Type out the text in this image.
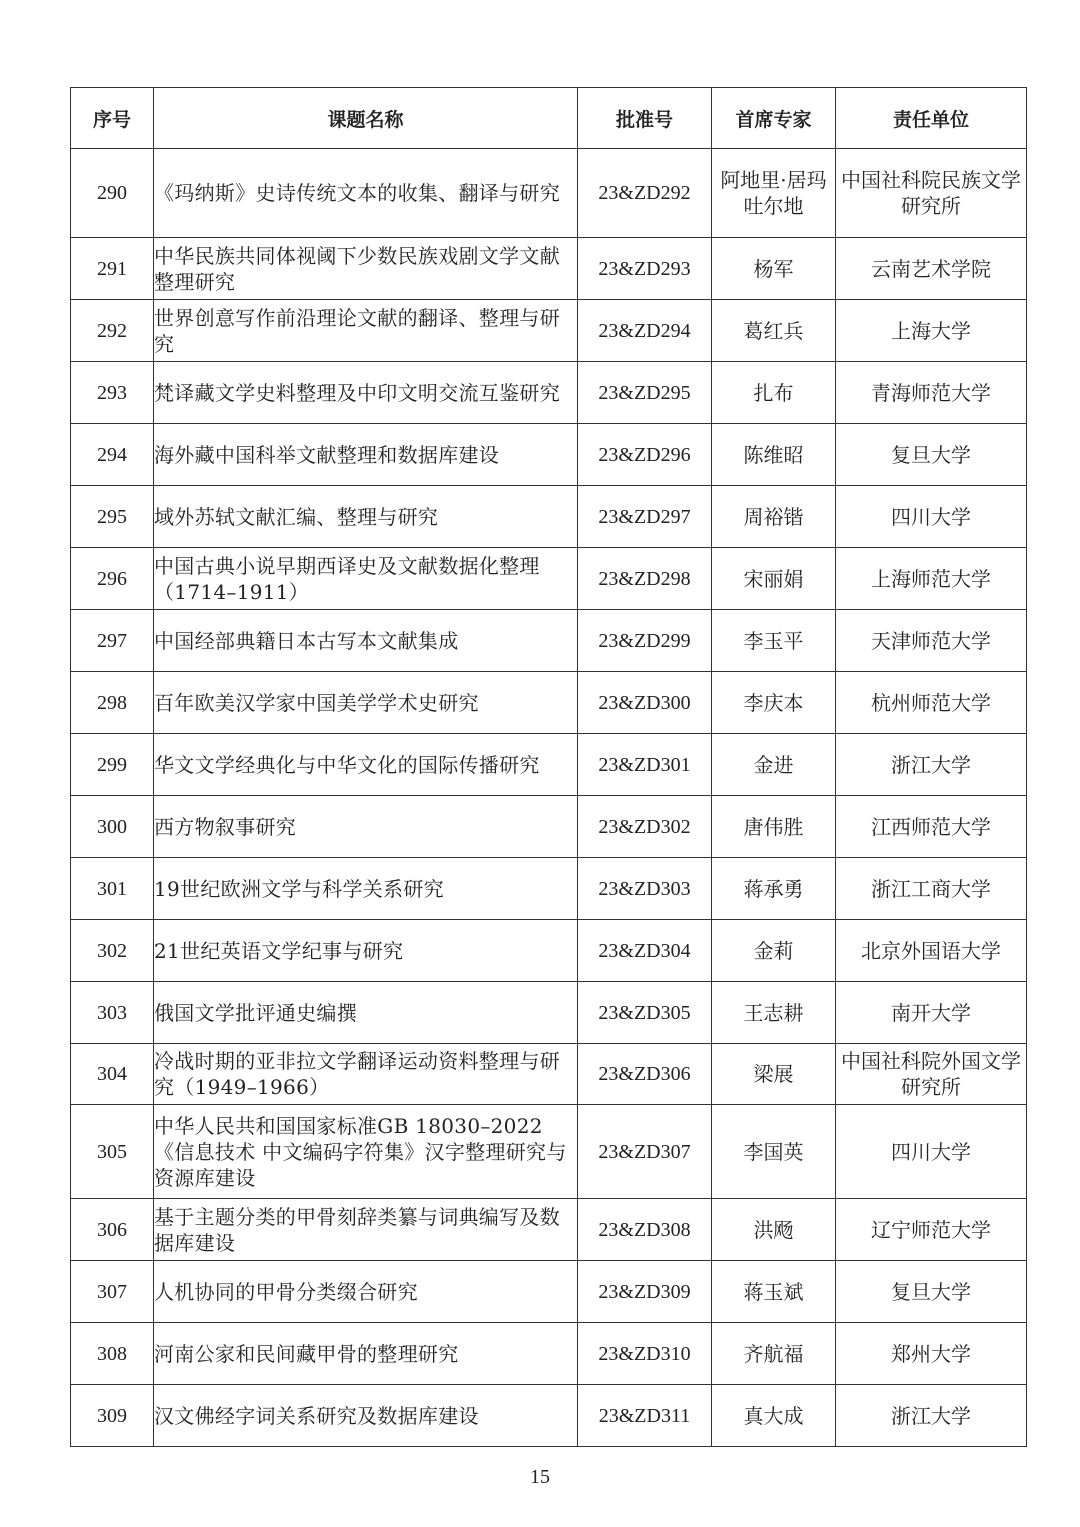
序号	课题名称	批准号	首席专家	责任单位
290	《玛纳斯》史诗传统文本的收集、翻译与研究	23&ZD292	阿地里·居玛吐尔地	中国社科院民族文学研究所
291	中华民族共同体视阈下少数民族戏剧文学文献整理研究	23&ZD293	杨军	云南艺术学院
292	世界创意写作前沿理论文献的翻译、整理与研究	23&ZD294	葛红兵	上海大学
293	梵译藏文学史料整理及中印文明交流互鉴研究	23&ZD295	扎布	青海师范大学
294	海外藏中国科举文献整理和数据库建设	23&ZD296	陈维昭	复旦大学
295	域外苏轼文献汇编、整理与研究	23&ZD297	周裕锴	四川大学
296	中国古典小说早期西译史及文献数据化整理（1714–1911）	23&ZD298	宋丽娟	上海师范大学
297	中国经部典籍日本古写本文献集成	23&ZD299	李玉平	天津师范大学
298	百年欧美汉学家中国美学学术史研究	23&ZD300	李庆本	杭州师范大学
299	华文文学经典化与中华文化的国际传播研究	23&ZD301	金进	浙江大学
300	西方物叙事研究	23&ZD302	唐伟胜	江西师范大学
301	19世纪欧洲文学与科学关系研究	23&ZD303	蒋承勇	浙江工商大学
302	21世纪英语文学纪事与研究	23&ZD304	金莉	北京外国语大学
303	俄国文学批评通史编撰	23&ZD305	王志耕	南开大学
304	冷战时期的亚非拉文学翻译运动资料整理与研究（1949–1966）	23&ZD306	梁展	中国社科院外国文学研究所
305	中华人民共和国国家标准GB 18030–2022《信息技术 中文编码字符集》汉字整理研究与资源库建设	23&ZD307	李国英	四川大学
306	基于主题分类的甲骨刻辞类纂与词典编写及数据库建设	23&ZD308	洪飏	辽宁师范大学
307	人机协同的甲骨分类缀合研究	23&ZD309	蒋玉斌	复旦大学
308	河南公家和民间藏甲骨的整理研究	23&ZD310	齐航福	郑州大学
309	汉文佛经字词关系研究及数据库建设	23&ZD311	真大成	浙江大学
15
